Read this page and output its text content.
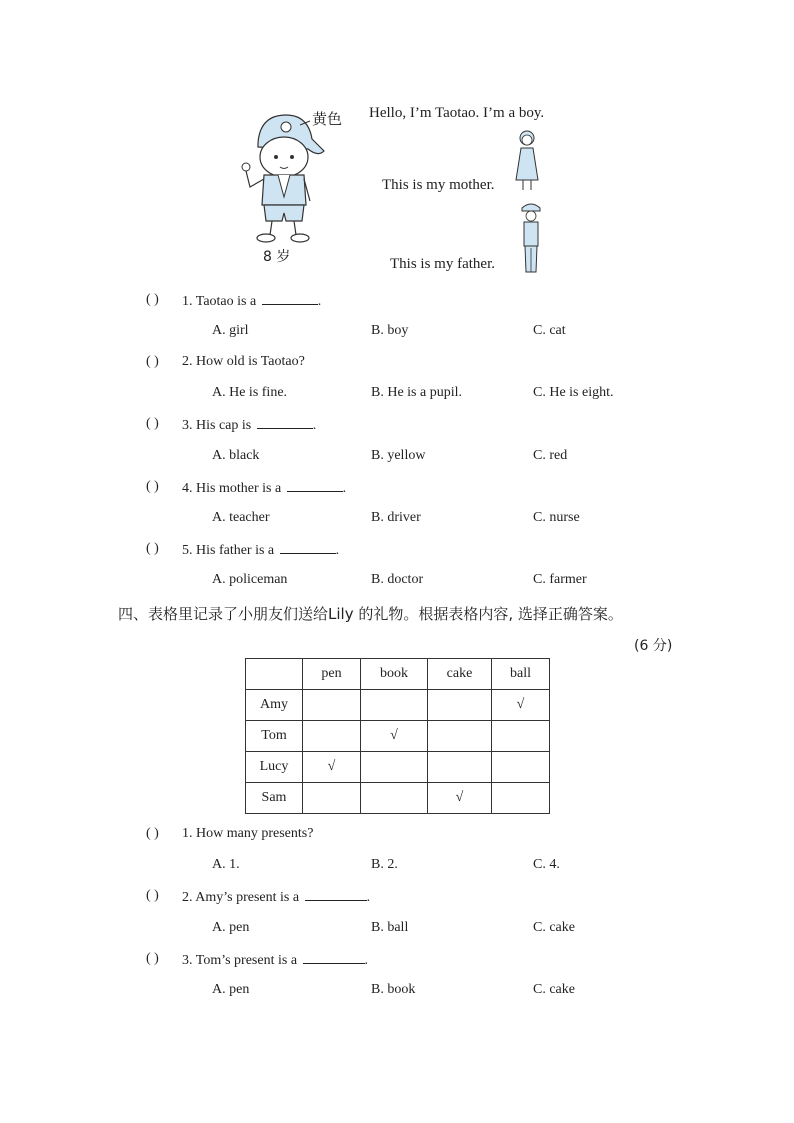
黄色
8 岁
Hello, I’m Taotao. I’m a boy.
This is my mother.
This is my father.
( ) 1. Taotao is a	.
A. girl	B. boy	C. cat
( ) 2. How old is Taotao?
A. He is fine.	B. He is a pupil.	C. He is eight.
( ) 3. His cap is	.
A. black	B. yellow	C. red
( ) 4. His mother is a	.
A. teacher	B. driver	C. nurse
( ) 5. His father is a	.
A. policeman	B. doctor	C. farmer
四、表格里记录了小朋友们送给Lily 的礼物。根据表格内容, 选择正确答案。
(6 分)
	pen	book	cake	ball
Amy				√
Tom		√		
Lucy	√			
Sam			√	
( ) 1. How many presents?
A. 1.	B. 2.	C. 4.
( ) 2. Amy’s present is a	.
A. pen	B. ball	C. cake
( ) 3. Tom’s present is a	.
A. pen	B. book	C. cake
